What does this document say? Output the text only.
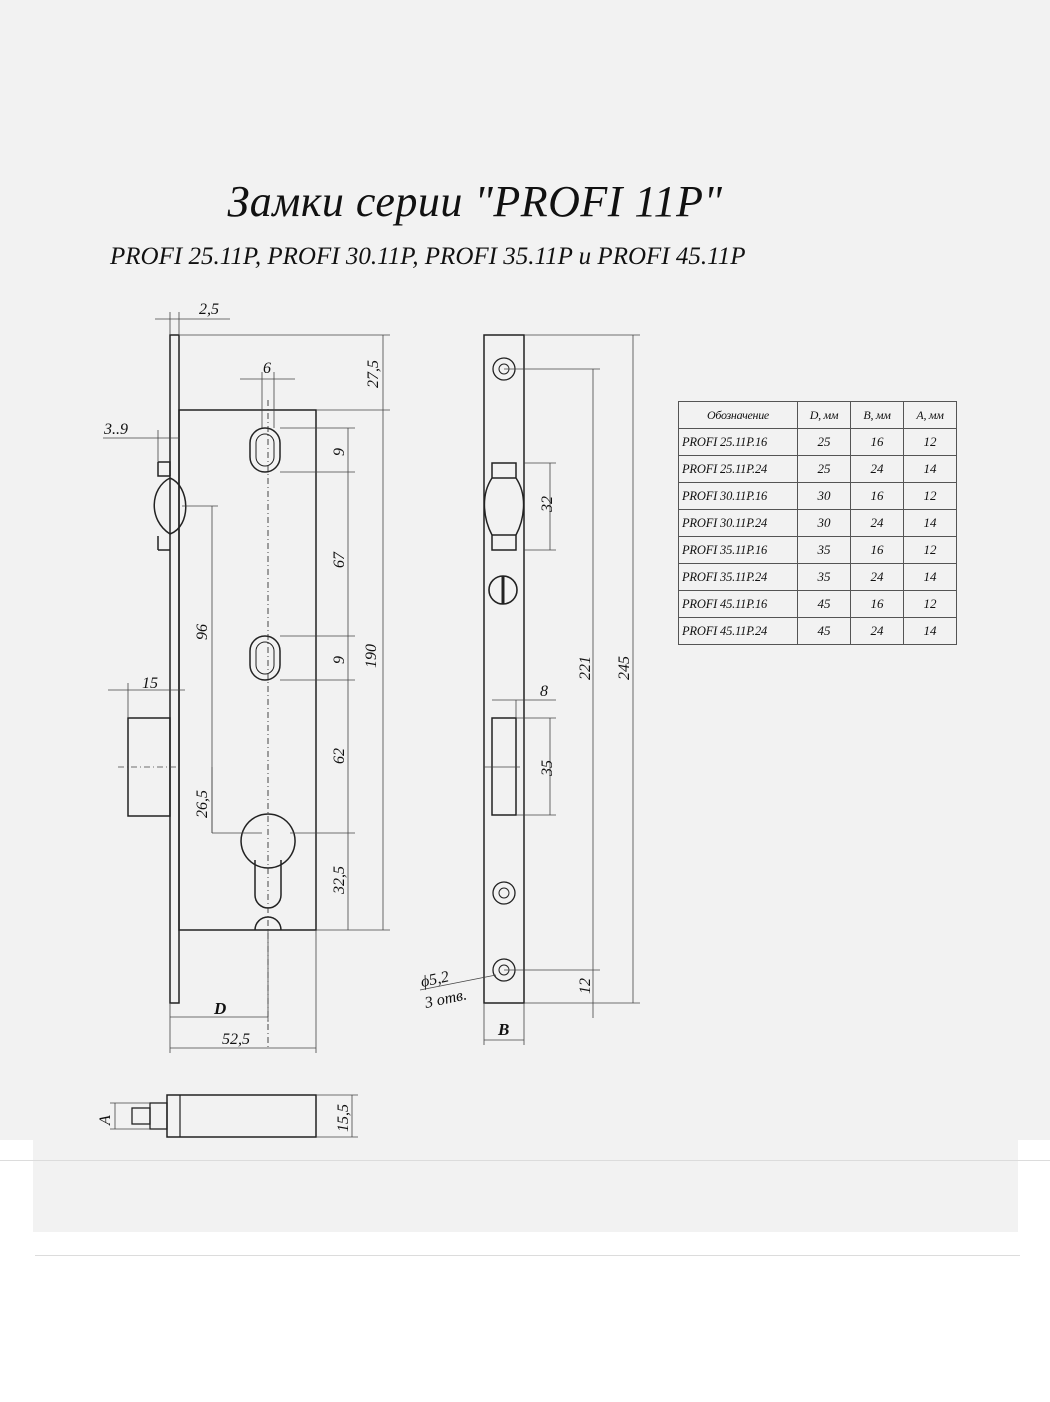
Замки серии "PROFI 11P"
PROFI 25.11P, PROFI 30.11P, PROFI 35.11P и PROFI 45.11P
2,5
6	27,5
3..9
9
67
96
9 190
15
62
26,5
32,5
D
52,5
32
8
35
221 245
12
ϕ5,2
3 отв.
B
A	15,5
Обозначение	D, мм	B, мм	A, мм
PROFI 25.11P.16	25	16	12
PROFI 25.11P.24	25	24	14
PROFI 30.11P.16	30	16	12
PROFI 30.11P.24	30	24	14
PROFI 35.11P.16	35	16	12
PROFI 35.11P.24	35	24	14
PROFI 45.11P.16	45	16	12
PROFI 45.11P.24	45	24	14
